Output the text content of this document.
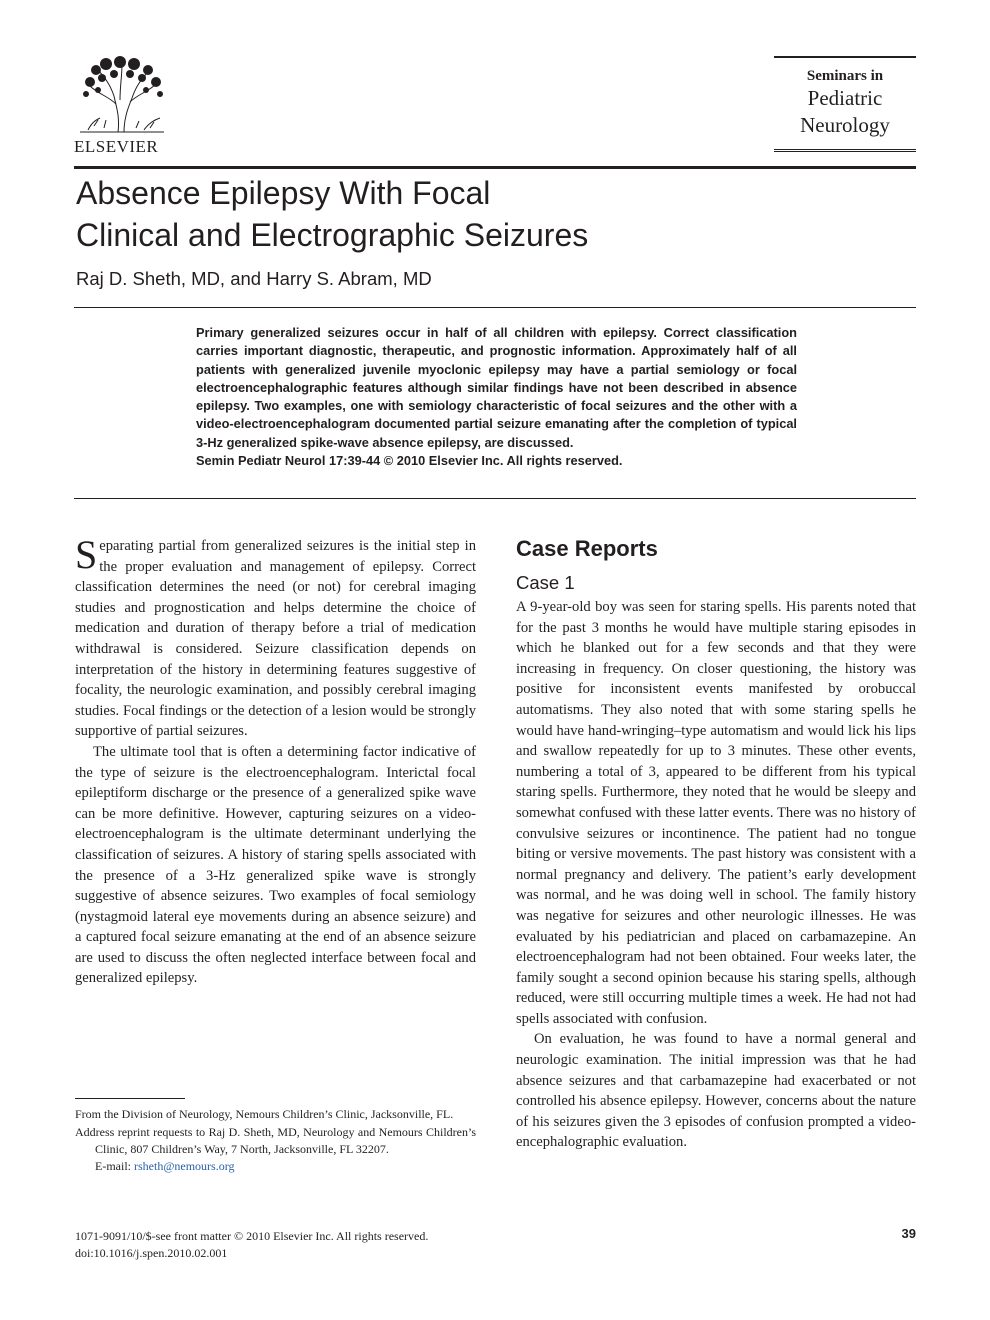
ELSEVIER
Seminars in
Pediatric
Neurology
Absence Epilepsy With Focal
Clinical and Electrographic Seizures
Raj D. Sheth, MD, and Harry S. Abram, MD
Primary generalized seizures occur in half of all children with epilepsy. Correct classification carries important diagnostic, therapeutic, and prognostic information. Approximately half of all patients with generalized juvenile myoclonic epilepsy may have a partial semiology or focal electroencephalographic features although similar findings have not been described in absence epilepsy. Two examples, one with semiology characteristic of focal seizures and the other with a video-electroencephalogram documented partial seizure emanating after the completion of typical 3-Hz generalized spike-wave absence epilepsy, are discussed.
Semin Pediatr Neurol 17:39-44 © 2010 Elsevier Inc. All rights reserved.

Separating partial from generalized seizures is the initial step in the proper evaluation and management of epilepsy. Correct classification determines the need (or not) for cerebral imaging studies and prognostication and helps determine the choice of medication and duration of therapy before a trial of medication withdrawal is considered. Seizure classification depends on interpretation of the history in determining features suggestive of focality, the neurologic examination, and possibly cerebral imaging studies. Focal findings or the detection of a lesion would be strongly supportive of partial seizures.

The ultimate tool that is often a determining factor indicative of the type of seizure is the electroencephalogram. Interictal focal epileptiform discharge or the presence of a generalized spike wave can be more definitive. However, capturing seizures on a video-electroencephalogram is the ultimate determinant underlying the classification of seizures. A history of staring spells associated with the presence of a 3-Hz generalized spike wave is strongly suggestive of absence seizures. Two examples of focal semiology (nystagmoid lateral eye movements during an absence seizure) and a captured focal seizure emanating at the end of an absence seizure are used to discuss the often neglected interface between focal and generalized epilepsy.

Case Reports
Case 1

A 9-year-old boy was seen for staring spells. His parents noted that for the past 3 months he would have multiple staring episodes in which he blanked out for a few seconds and that they were increasing in frequency. On closer questioning, the history was positive for inconsistent events manifested by orobuccal automatisms. They also noted that with some staring spells he would have hand-wringing–type automatism and would lick his lips and swallow repeatedly for up to 3 minutes. These other events, numbering a total of 3, appeared to be different from his typical staring spells. Furthermore, they noted that he would be sleepy and somewhat confused with these latter events. There was no history of convulsive seizures or incontinence. The patient had no tongue biting or versive movements. The past history was consistent with a normal pregnancy and delivery. The patient’s early development was normal, and he was doing well in school. The family history was negative for seizures and other neurologic illnesses. He was evaluated by his pediatrician and placed on carbamazepine. An electroencephalogram had not been obtained. Four weeks later, the family sought a second opinion because his staring spells, although reduced, were still occurring multiple times a week. He had not had spells associated with confusion.

On evaluation, he was found to have a normal general and neurologic examination. The initial impression was that he had absence seizures and that carbamazepine had exacerbated or not controlled his absence epilepsy. However, concerns about the nature of his seizures given the 3 episodes of confusion prompted a video-encephalographic evaluation.

From the Division of Neurology, Nemours Children’s Clinic, Jacksonville, FL.

Address reprint requests to Raj D. Sheth, MD, Neurology and Nemours Children’s Clinic, 807 Children’s Way, 7 North, Jacksonville, FL 32207.
E-mail: rsheth@nemours.org

1071-9091/10/$-see front matter © 2010 Elsevier Inc. All rights reserved.
doi:10.1016/j.spen.2010.02.001
39
